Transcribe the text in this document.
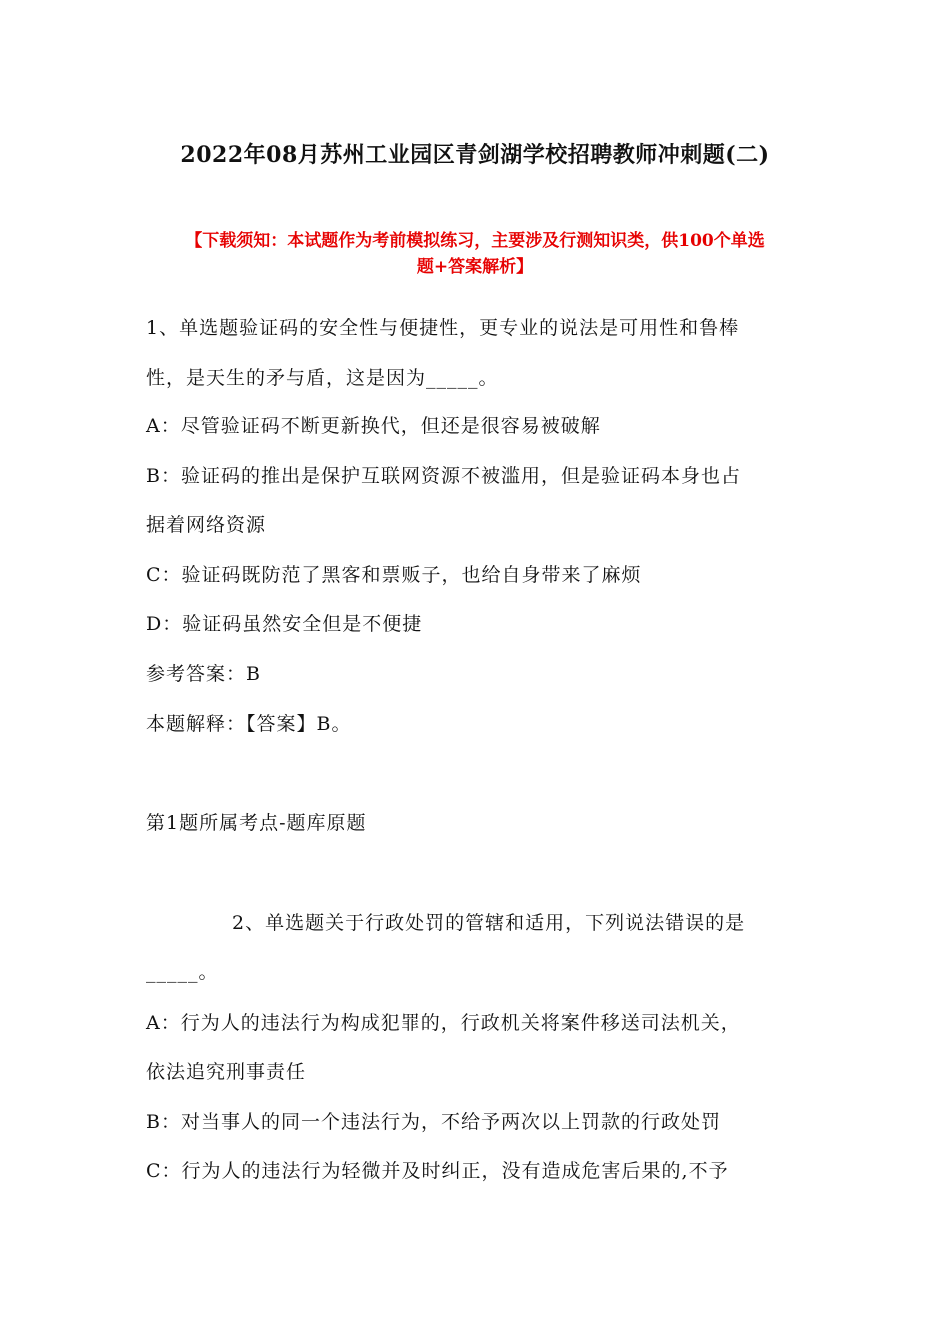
2022年08月苏州工业园区青剑湖学校招聘教师冲刺题(二)
【下载须知：本试题作为考前模拟练习，主要涉及行测知识类，供100个单选
题+答案解析】
1、单选题验证码的安全性与便捷性，更专业的说法是可用性和鲁棒
性，是天生的矛与盾，这是因为_____。
A：尽管验证码不断更新换代，但还是很容易被破解
B：验证码的推出是保护互联网资源不被滥用，但是验证码本身也占
据着网络资源
C：验证码既防范了黑客和票贩子，也给自身带来了麻烦
D：验证码虽然安全但是不便捷
参考答案：B
本题解释：【答案】B。
第1题所属考点-题库原题
2、单选题关于行政处罚的管辖和适用，下列说法错误的是
_____。
A：行为人的违法行为构成犯罪的，行政机关将案件移送司法机关，
依法追究刑事责任
B：对当事人的同一个违法行为，不给予两次以上罚款的行政处罚
C：行为人的违法行为轻微并及时纠正，没有造成危害后果的,不予
